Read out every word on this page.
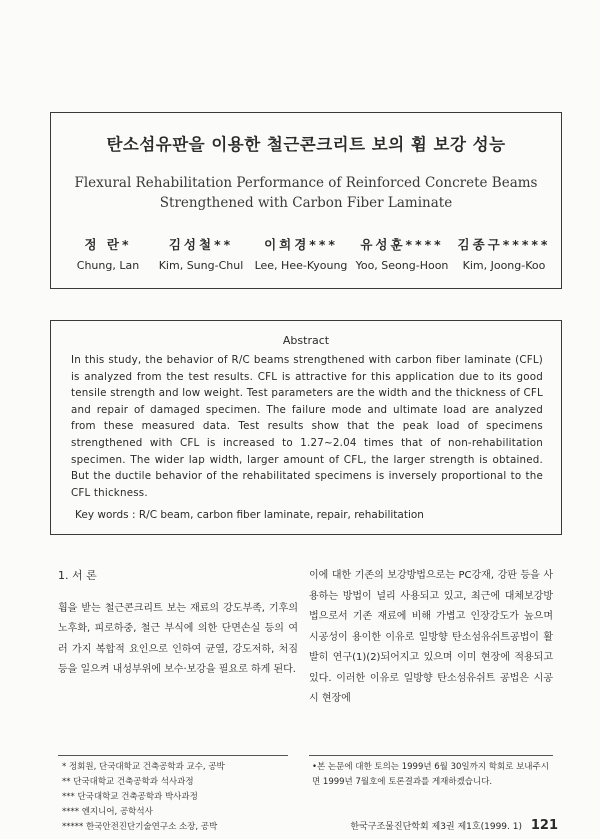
탄소섬유판을 이용한 철근콘크리트 보의 휨 보강 성능
Flexural Rehabilitation Performance of Reinforced Concrete Beams
Strengthened with Carbon Fiber Laminate
정 란*
Chung, Lan
김성철**
Kim, Sung-Chul
이희경***
Lee, Hee-Kyoung
유성훈****
Yoo, Seong-Hoon
김종구*****
Kim, Joong-Koo
Abstract
In this study, the behavior of R/C beams strengthened with carbon fiber laminate (CFL) is analyzed from the test results. CFL is attractive for this application due to its good tensile strength and low weight. Test parameters are the width and the thickness of CFL and repair of damaged specimen. The failure mode and ultimate load are analyzed from these measured data. Test results show that the peak load of specimens strengthened with CFL is increased to 1.27~2.04 times that of non-rehabilitation specimen. The wider lap width, larger amount of CFL, the larger strength is obtained. But the ductile behavior of the rehabilitated specimens is inversely proportional to the CFL thickness.
Key words : R/C beam, carbon fiber laminate, repair, rehabilitation
1. 서 론
휨을 받는 철근콘크리트 보는 재료의 강도부족, 기후의 노후화, 피로하중, 철근 부식에 의한 단면손실 등의 여러 가지 복합적 요인으로 인하여 균열, 강도저하, 처짐 등을 일으켜 내성부위에 보수·보강을 필요로 하게 된다.
이에 대한 기존의 보강방법으로는 PC강재, 강판 등을 사용하는 방법이 널리 사용되고 있고, 최근에 대체보강방법으로서 기존 재료에 비해 가볍고 인장강도가 높으며 시공성이 용이한 이유로 일방향 탄소섬유쉬트공법이 활발히 연구(1)(2)되어지고 있으며 이미 현장에 적용되고 있다. 이러한 이유로 일방향 탄소섬유쉬트 공법은 시공시 현장에
* 정회원, 단국대학교 건축공학과 교수, 공박
** 단국대학교 건축공학과 석사과정
*** 단국대학교 건축공학과 박사과정
**** 엔지니어, 공학석사
***** 한국안전진단기술연구소 소장, 공박
•본 논문에 대한 토의는 1999년 6월 30일까지 학회로 보내주시면 1999년 7월호에 토론결과를 게재하겠습니다.
한국구조물진단학회 제3권 제1호(1999. 1) 121
